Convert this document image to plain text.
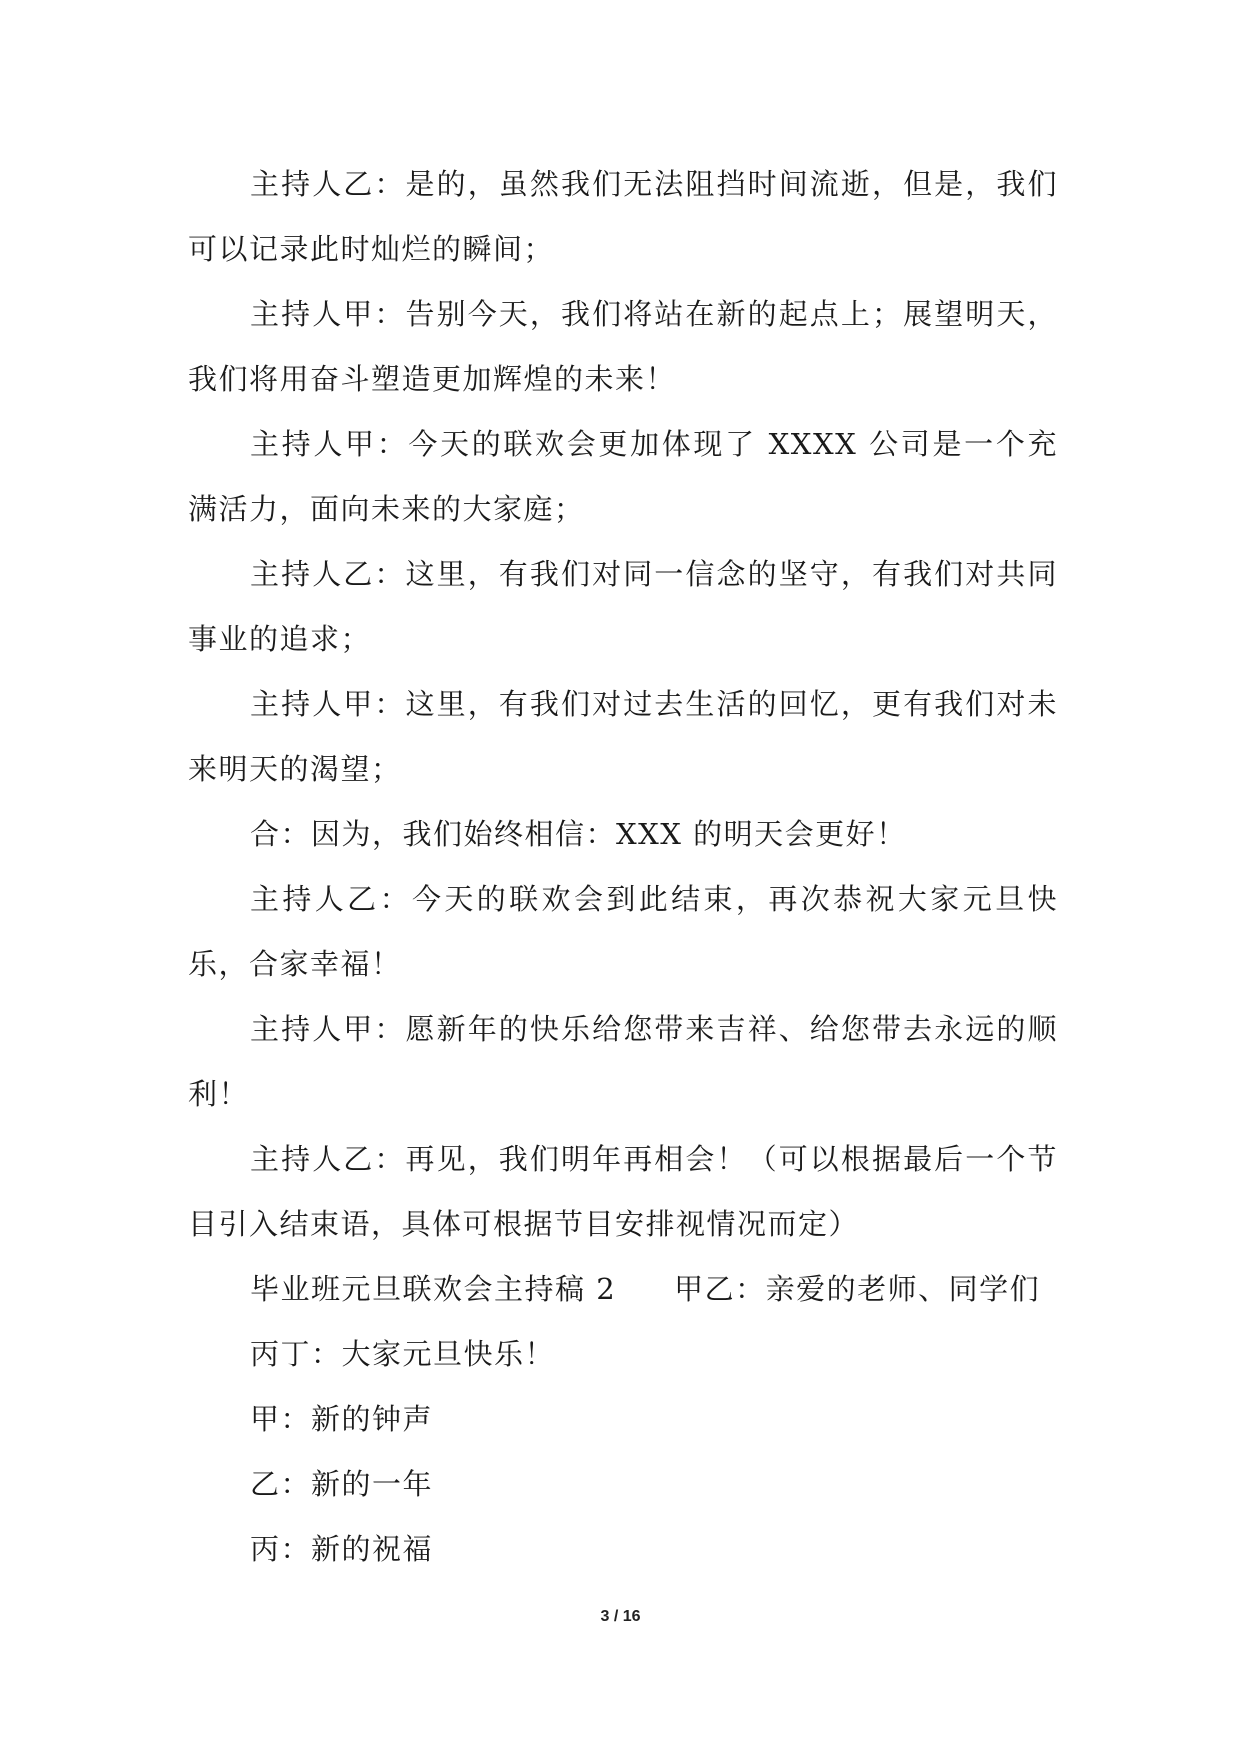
主持人乙：是的，虽然我们无法阻挡时间流逝，但是，我们可以记录此时灿烂的瞬间；

主持人甲：告别今天，我们将站在新的起点上；展望明天，我们将用奋斗塑造更加辉煌的未来！

主持人甲：今天的联欢会更加体现了 XXXX 公司是一个充满活力，面向未来的大家庭；

主持人乙：这里，有我们对同一信念的坚守，有我们对共同事业的追求；

主持人甲：这里，有我们对过去生活的回忆，更有我们对未来明天的渴望；

合：因为，我们始终相信：XXX 的明天会更好！

主持人乙：今天的联欢会到此结束，再次恭祝大家元旦快乐，合家幸福！

主持人甲：愿新年的快乐给您带来吉祥、给您带去永远的顺利！

主持人乙：再见，我们明年再相会！（可以根据最后一个节目引入结束语，具体可根据节目安排视情况而定）

毕业班元旦联欢会主持稿 2 甲乙：亲爱的老师、同学们

丙丁：大家元旦快乐！

甲：新的钟声

乙：新的一年

丙：新的祝福

3 / 16
